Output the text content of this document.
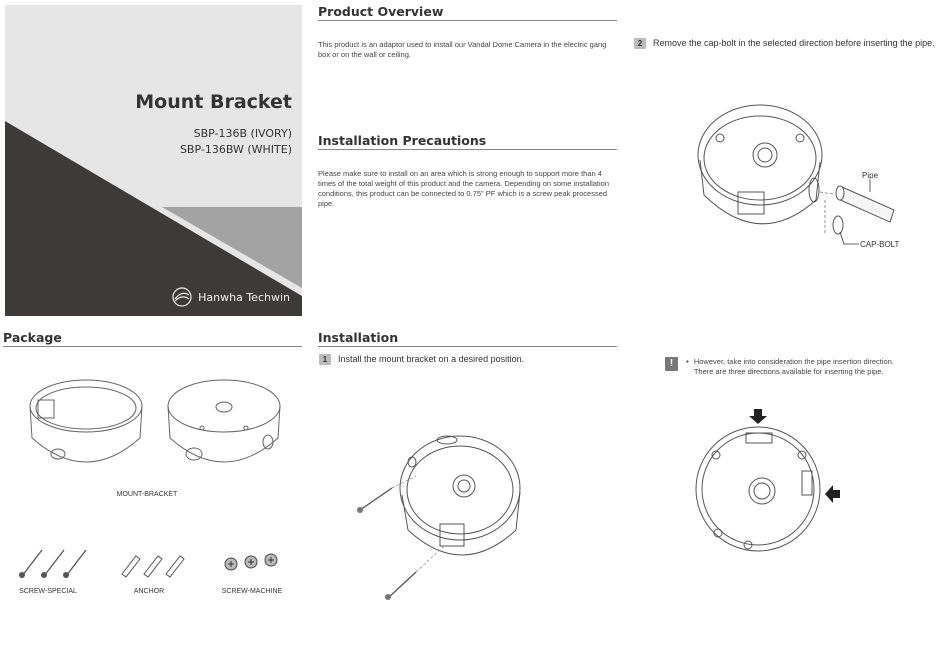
Mount Bracket
SBP-136B (IVORY)
SBP-136BW (WHITE)
Hanwha Techwin
Product Overview
This product is an adaptor used to install our Vandal Dome Camera in the electric gang box or on the wall or ceiling.
Installation Precautions
Please make sure to install on an area which is strong enough to support more than 4 times of the total weight of this product and the camera. Depending on some installation conditions, this product can be connected to 0.75" PF which is a screw peak processed pipe.
2	Remove the cap-bolt in the selected direction before inserting the pipe.
Pipe
CAP-BOLT
Package
MOUNT-BRACKET
SCREW-SPECIAL	ANCHOR	SCREW-MACHINE
Installation
1	Install the mount bracket on a desired position.	!	▪ However, take into consideration the pipe insertion direction.
There are three directions available for inserting the pipe.
